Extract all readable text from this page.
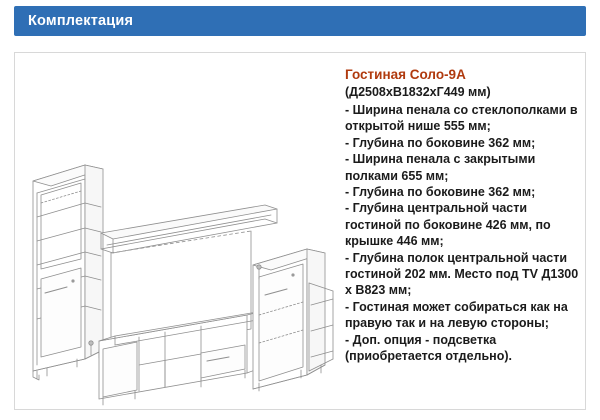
Комплектация
Гостиная Соло-9А
(Д2508хВ1832хГ449 мм)
- Ширина пенала со стеклополками в открытой нише 555 мм;
- Глубина по боковине 362 мм;
- Ширина пенала с закрытыми полками 655 мм;
- Глубина по боковине 362 мм;
- Глубина центральной части гостиной по боковине 426 мм, по крышке 446 мм;
- Глубина полок центральной части гостиной 202 мм. Место под TV Д1300 х В823 мм;
- Гостиная может собираться как на правую так и на левую стороны;
- Доп. опция - подсветка (приобретается отдельно).
